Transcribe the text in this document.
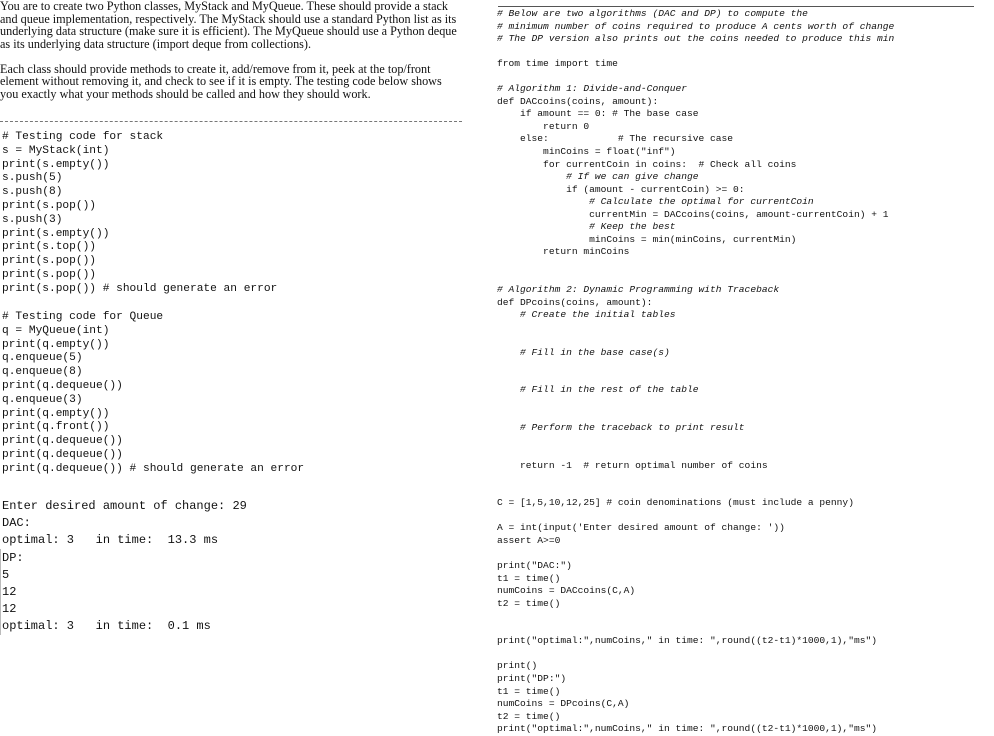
You are to create two Python classes, MyStack and MyQueue. These should provide a stack
and queue implementation, respectively. The MyStack should use a standard Python list as its
underlying data structure (make sure it is efficient). The MyQueue should use a Python deque
as its underlying data structure (import deque from collections).

Each class should provide methods to create it, add/remove from it, peek at the top/front
element without removing it, and check to see if it is empty. The testing code below shows
you exactly what your methods should be called and how they should work.
# Testing code for stack
s = MyStack(int)
print(s.empty())
s.push(5)
s.push(8)
print(s.pop())
s.push(3)
print(s.empty())
print(s.top())
print(s.pop())
print(s.pop())
print(s.pop()) # should generate an error
# Testing code for Queue
q = MyQueue(int)
print(q.empty())
q.enqueue(5)
q.enqueue(8)
print(q.dequeue())
q.enqueue(3)
print(q.empty())
print(q.front())
print(q.dequeue())
print(q.dequeue())
print(q.dequeue()) # should generate an error
Enter desired amount of change: 29
DAC:
optimal: 3   in time:  13.3 ms
DP:
5
12
12
optimal: 3   in time:  0.1 ms
# Below are two algorithms (DAC and DP) to compute the
# minimum number of coins required to produce A cents worth of change
# The DP version also prints out the coins needed to produce this min

from time import time

# Algorithm 1: Divide-and-Conquer
def DACcoins(coins, amount):
if amount == 0: # The base case
return 0
else:            # The recursive case
minCoins = float("inf")
for currentCoin in coins:  # Check all coins
# If we can give change
if (amount - currentCoin) >= 0:
# Calculate the optimal for currentCoin
currentMin = DACcoins(coins, amount-currentCoin) + 1
# Keep the best
minCoins = min(minCoins, currentMin)
return minCoins

# Algorithm 2: Dynamic Programming with Traceback
def DPcoins(coins, amount):
# Create the initial tables

# Fill in the base case(s)

# Fill in the rest of the table

# Perform the traceback to print result

return -1  # return optimal number of coins

C = [1,5,10,12,25] # coin denominations (must include a penny)

A = int(input('Enter desired amount of change: '))
assert A>=0

print("DAC:")
t1 = time()
numCoins = DACcoins(C,A)
t2 = time()

print("optimal:",numCoins," in time: ",round((t2-t1)*1000,1),"ms")

print()
print("DP:")
t1 = time()
numCoins = DPcoins(C,A)
t2 = time()
print("optimal:",numCoins," in time: ",round((t2-t1)*1000,1),"ms")
